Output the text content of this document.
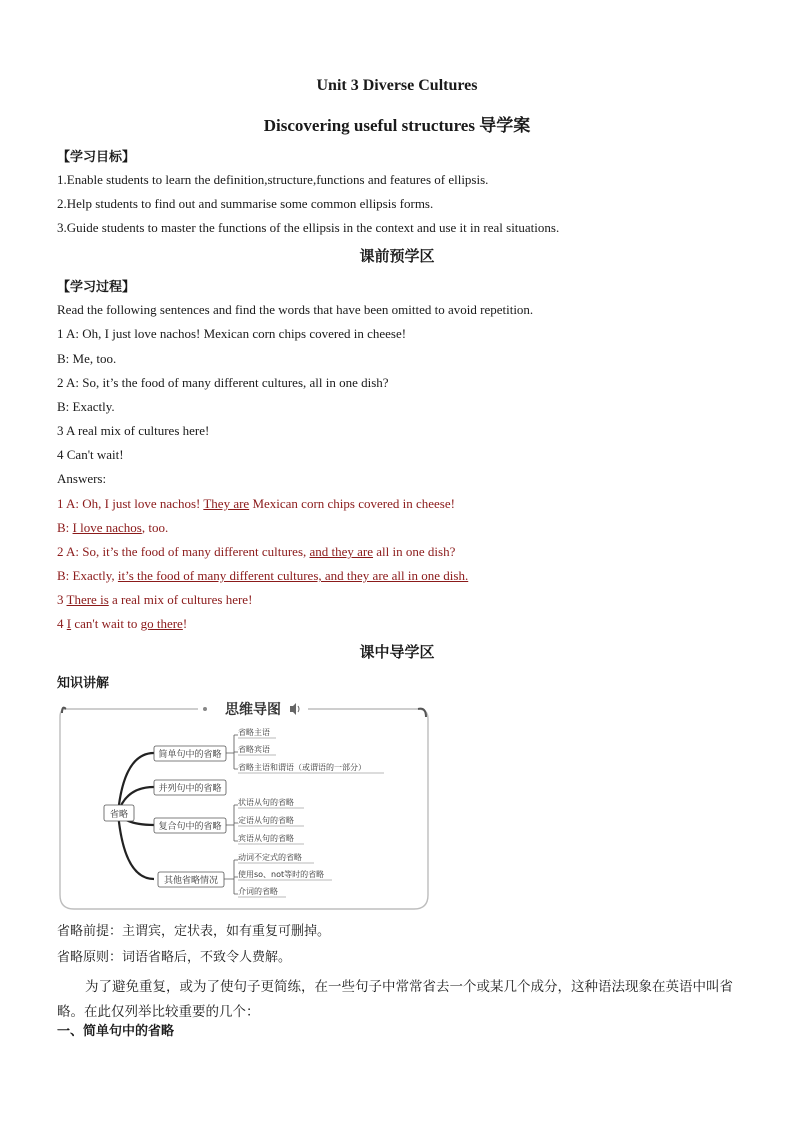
Unit 3 Diverse Cultures
Discovering useful structures 导学案
【学习目标】
1.Enable students to learn the definition,structure,functions and features of ellipsis.
2.Help students to find out and summarise some common ellipsis forms.
3.Guide students to master the functions of the ellipsis in the context and use it in real situations.
课前预学区
【学习过程】
Read the following sentences and find the words that have been omitted to avoid repetition.
1 A: Oh, I just love nachos! Mexican corn chips covered in cheese!
B: Me, too.
2 A: So, it’s the food of many different cultures, all in one dish?
B: Exactly.
3 A real mix of cultures here!
4 Can't wait!
Answers:
1 A: Oh, I just love nachos! They are Mexican corn chips covered in cheese!
B: I love nachos, too.
2 A: So, it’s the food of many different cultures, and they are all in one dish?
B: Exactly, it’s the food of many different cultures, and they are all in one dish.
3 There is a real mix of cultures here!
4 I can't wait to go there!
课中导学区
知识讲解
思维导图
省略
简单句中的省略
并列句中的省略
复合句中的省略
其他省略情况
省略主语
省略宾语
省略主语和谓语（或谓语的一部分）
状语从句的省略
定语从句的省略
宾语从句的省略
动词不定式的省略
使用so、not等时的省略
介词的省略
省略前提：主谓宾，定状表，如有重复可删掉。
省略原则：词语省略后，不致令人费解。
为了避免重复，或为了使句子更简练，在一些句子中常常省去一个或某几个成分，这种语法现象在英语中叫省略。在此仅列举比较重要的几个：
一、简单句中的省略
